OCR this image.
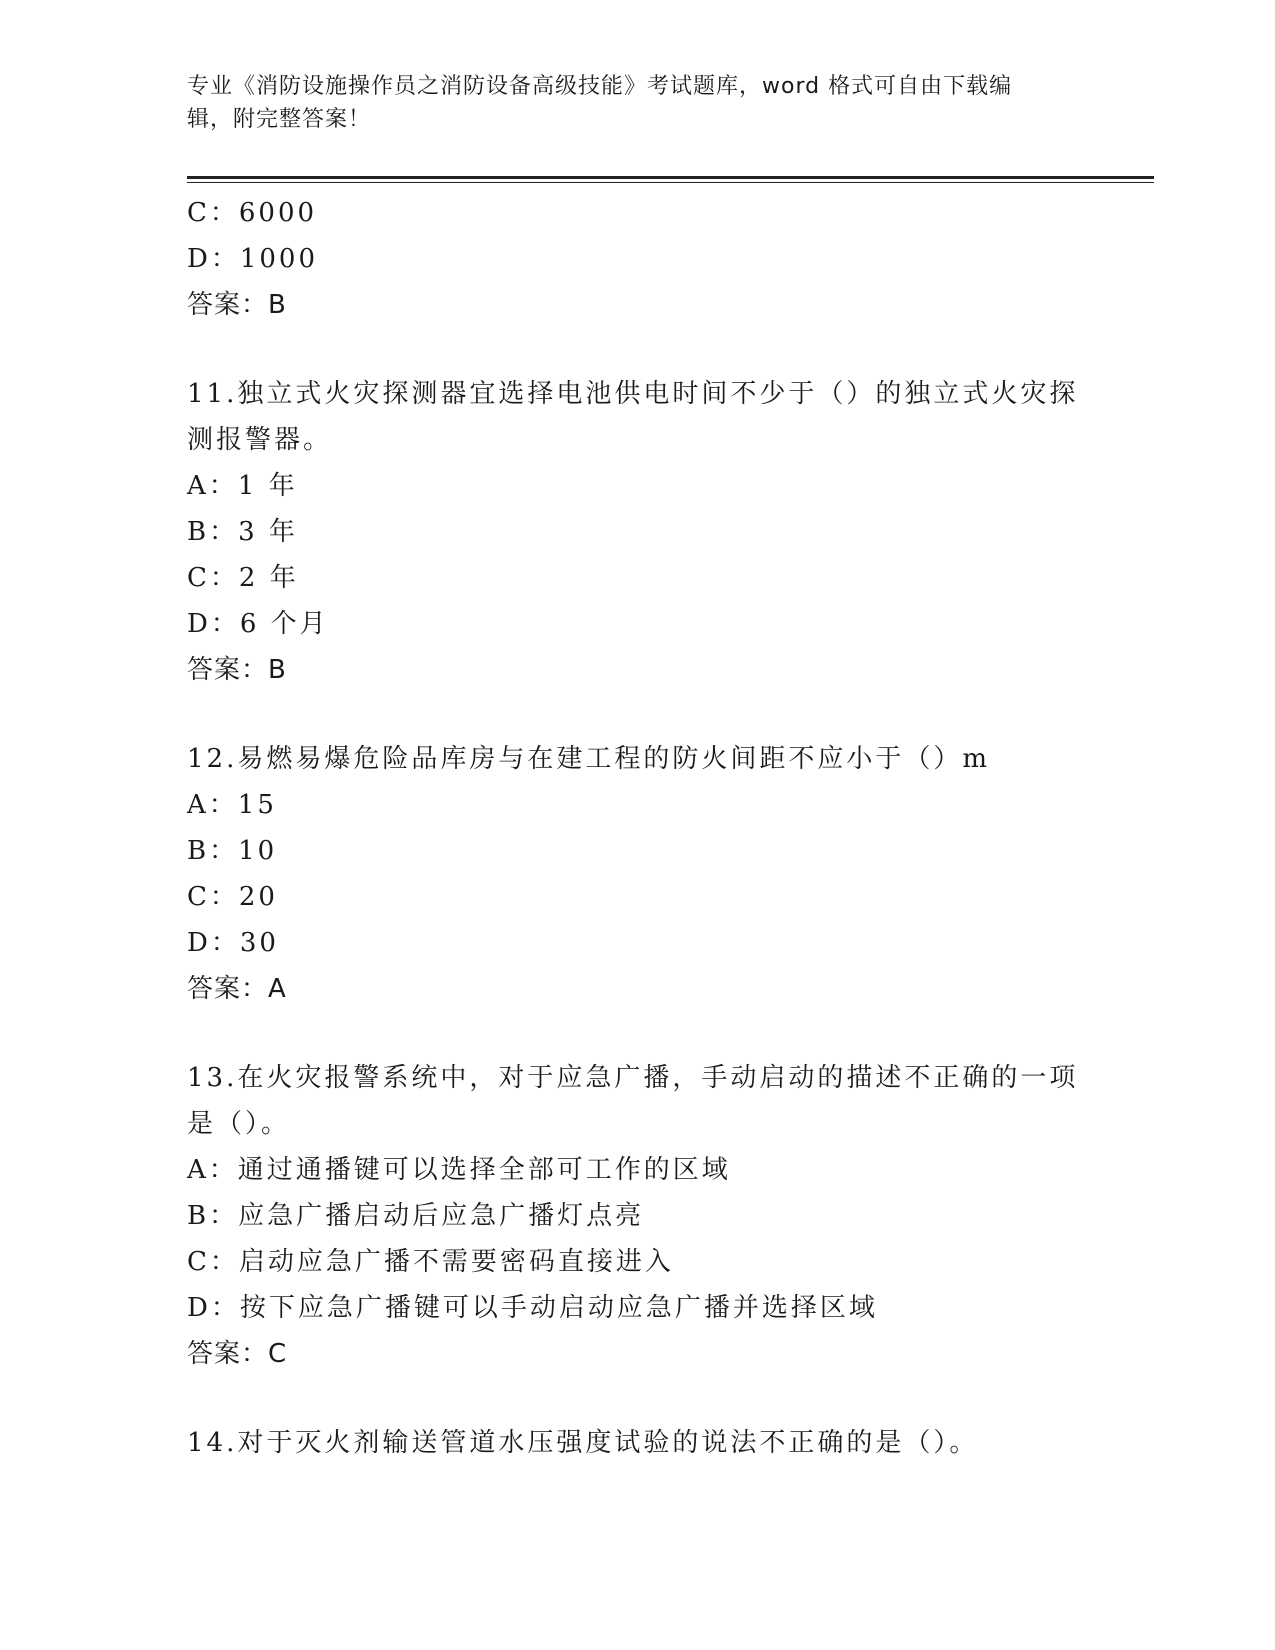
专业《消防设施操作员之消防设备高级技能》考试题库，word 格式可自由下载编
辑，附完整答案！
C：6000
D：1000
答案：B
11.独立式火灾探测器宜选择电池供电时间不少于（）的独立式火灾探
测报警器。
A：1 年
B：3 年
C：2 年
D：6 个月
答案：B
12.易燃易爆危险品库房与在建工程的防火间距不应小于（）m
A：15
B：10
C：20
D：30
答案：A
13.在火灾报警系统中，对于应急广播，手动启动的描述不正确的一项
是（）。
A：通过通播键可以选择全部可工作的区域
B：应急广播启动后应急广播灯点亮
C：启动应急广播不需要密码直接进入
D：按下应急广播键可以手动启动应急广播并选择区域
答案：C
14.对于灭火剂输送管道水压强度试验的说法不正确的是（）。
